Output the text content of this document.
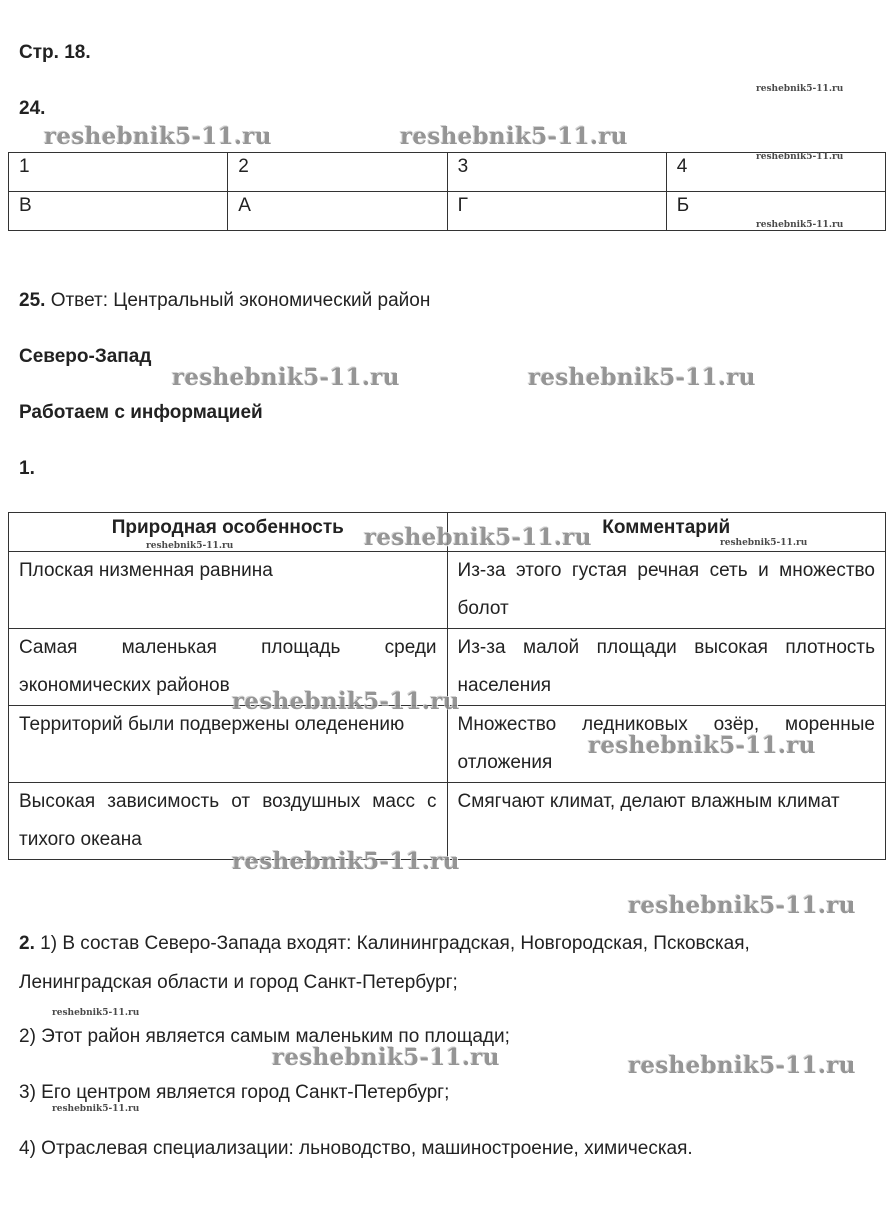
Стр. 18.
24.
1	2	3	4
В	А	Г	Б
25. Ответ: Центральный экономический район
Северо-Запад
Работаем с информацией
1.
Природная особенность	Комментарий
Плоская низменная равнина	Из-за этого густая речная сеть и множество болот
Самая маленькая площадь среди экономических районов	Из-за малой площади высокая плотность населения
Территорий были подвержены оледенению	Множество ледниковых озёр, моренные отложения
Высокая зависимость от воздушных масс с тихого океана	Смягчают климат, делают влажным климат
2. 1) В состав Северо-Запада входят: Калининградская, Новгородская, Псковская, Ленинградская области и город Санкт-Петербург;
2) Этот район является самым маленьким по площади;
3) Его центром является город Санкт-Петербург;
4) Отраслевая специализации: льноводство, машиностроение, химическая.
reshebnik5-11.ru	reshebnik5-11.ru
reshebnik5-11.ru	reshebnik5-11.ru
reshebnik5-11.ru
reshebnik5-11.ru
reshebnik5-11.ru
reshebnik5-11.ru
reshebnik5-11.ru
reshebnik5-11.ru	reshebnik5-11.ru
reshebnik5-11.ru
reshebnik5-11.ru
reshebnik5-11.ru
reshebnik5-11.ru	reshebnik5-11.ru
reshebnik5-11.ru
reshebnik5-11.ru
